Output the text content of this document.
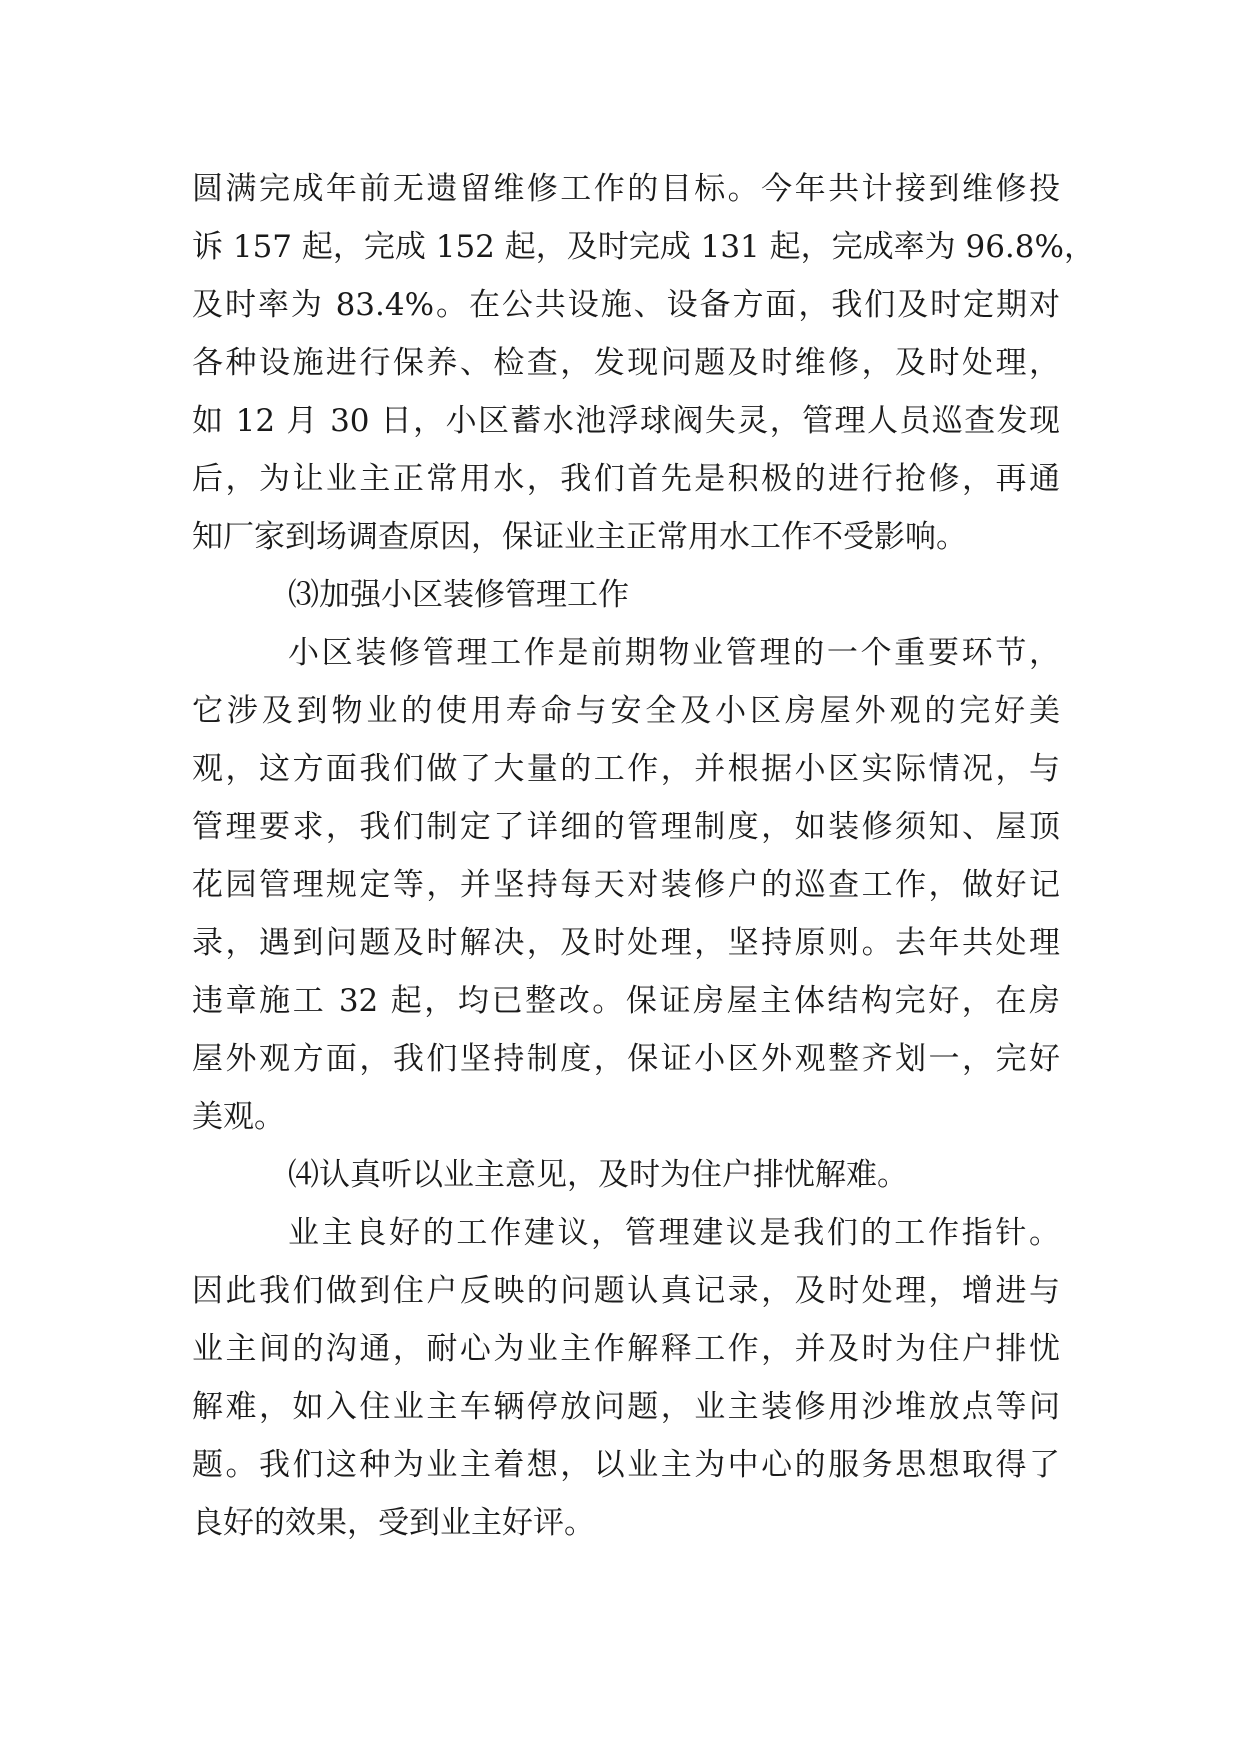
圆满完成年前无遗留维修工作的目标。今年共计接到维修投
诉 157 起，完成 152 起，及时完成 131 起，完成率为 96.8%，
及时率为 83.4%。在公共设施、设备方面，我们及时定期对
各种设施进行保养、检查，发现问题及时维修，及时处理，
如 12 月 30 日，小区蓄水池浮球阀失灵，管理人员巡查发现
后，为让业主正常用水，我们首先是积极的进行抢修，再通
知厂家到场调查原因，保证业主正常用水工作不受影响。
⑶加强小区装修管理工作
小区装修管理工作是前期物业管理的一个重要环节，
它涉及到物业的使用寿命与安全及小区房屋外观的完好美
观，这方面我们做了大量的工作，并根据小区实际情况，与
管理要求，我们制定了详细的管理制度，如装修须知、屋顶
花园管理规定等，并坚持每天对装修户的巡查工作，做好记
录，遇到问题及时解决，及时处理，坚持原则。去年共处理
违章施工 32 起，均已整改。保证房屋主体结构完好，在房
屋外观方面，我们坚持制度，保证小区外观整齐划一，完好
美观。
⑷认真听以业主意见，及时为住户排忧解难。
业主良好的工作建议，管理建议是我们的工作指针。
因此我们做到住户反映的问题认真记录，及时处理，增进与
业主间的沟通，耐心为业主作解释工作，并及时为住户排忧
解难，如入住业主车辆停放问题，业主装修用沙堆放点等问
题。我们这种为业主着想，以业主为中心的服务思想取得了
良好的效果，受到业主好评。
